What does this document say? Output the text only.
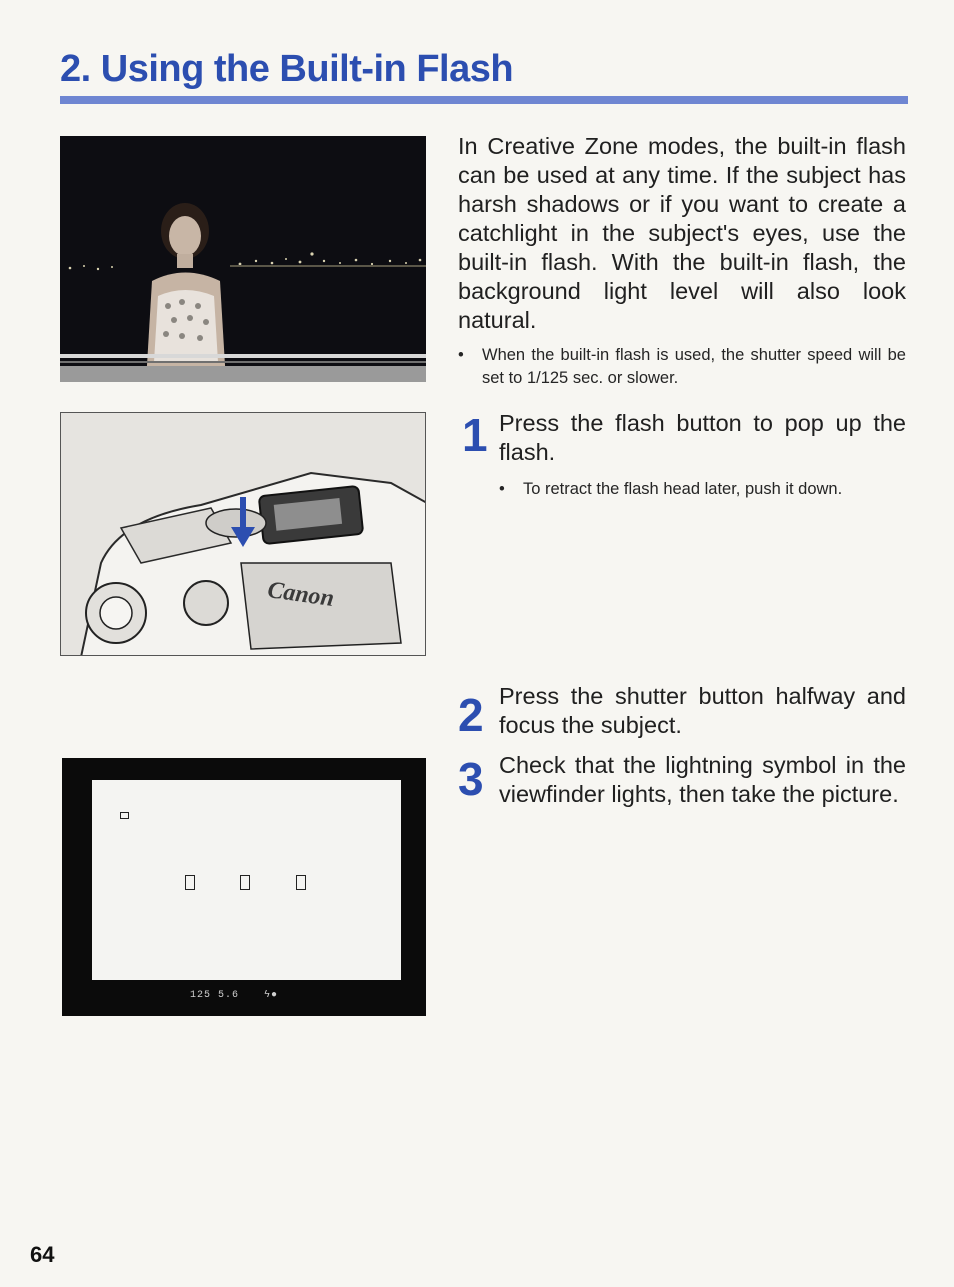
2. Using the Built-in Flash
Canon
125 5.6	ϟ●
In Creative Zone modes, the built-in flash can be used at any time. If the subject has harsh shadows or if you want to create a catchlight in the subject's eyes, use the built-in flash. With the built-in flash, the background light level will also look natural.
• When the built-in flash is used, the shutter speed will be set to 1/125 sec. or slower.
1 Press the flash button to pop up the flash.
• To retract the flash head later, push it down.
2 Press the shutter button halfway and focus the subject.
3 Check that the lightning symbol in the viewfinder lights, then take the picture.
64
